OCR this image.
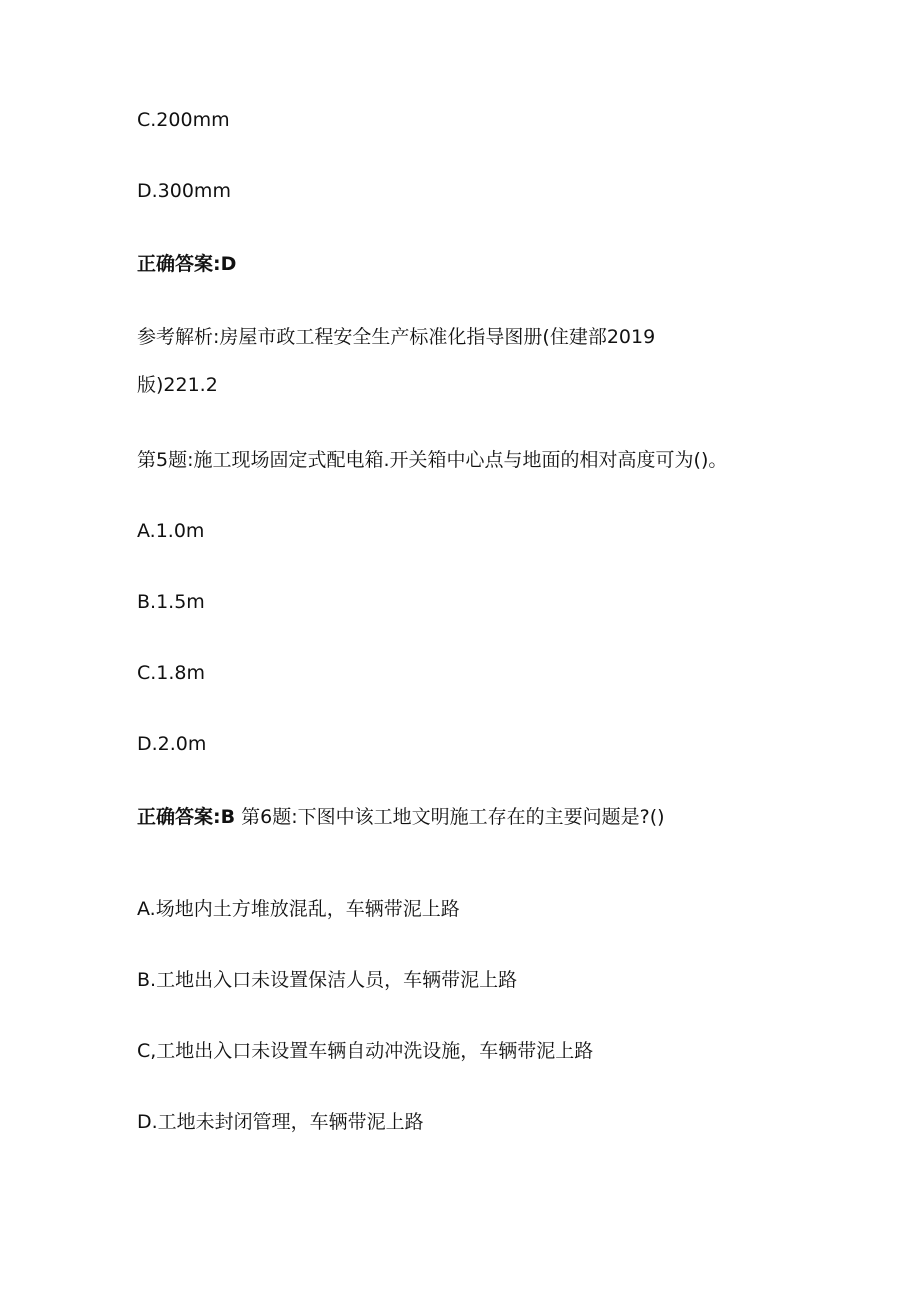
C.200mm
D.300mm
正确答案:D
参考解析:房屋市政工程安全生产标准化指导图册(住建部2019
版)221.2
第5题:施工现场固定式配电箱.开关箱中心点与地面的相对高度可为()。
A.1.0m
B.1.5m
C.1.8m
D.2.0m
正确答案:B 第6题:下图中该工地文明施工存在的主要问题是?()
A.场地内土方堆放混乱，车辆带泥上路
B.工地出入口未设置保洁人员，车辆带泥上路
C,工地出入口未设置车辆自动冲洗设施，车辆带泥上路
D.工地未封闭管理，车辆带泥上路
